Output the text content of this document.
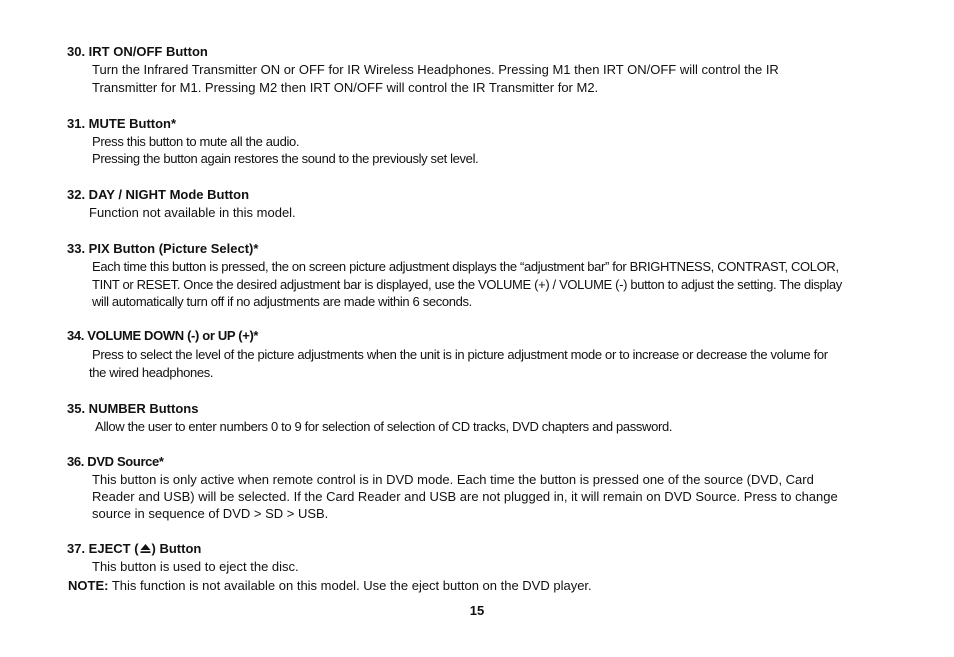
30. IRT ON/OFF Button
Turn the Infrared Transmitter ON or OFF for IR Wireless Headphones. Pressing M1 then IRT ON/OFF will control the IR
Transmitter for M1. Pressing M2 then IRT ON/OFF will control the IR Transmitter for M2.
31. MUTE Button*
Press this button to mute all the audio.
Pressing the button again restores the sound to the previously set level.
32. DAY / NIGHT Mode Button
Function not available in this model.
33. PIX Button (Picture Select)*
Each time this button is pressed, the on screen picture adjustment displays the “adjustment bar” for BRIGHTNESS, CONTRAST, COLOR,
TINT or RESET. Once the desired adjustment bar is displayed, use the VOLUME (+) / VOLUME (-) button to adjust the setting. The display
will automatically turn off if no adjustments are made within 6 seconds.
34. VOLUME DOWN (-) or UP (+)*
Press to select the level of the picture adjustments when the unit is in picture adjustment mode or to increase or decrease the volume for
the wired headphones.
35. NUMBER Buttons
Allow the user to enter numbers 0 to 9 for selection of selection of CD tracks, DVD chapters and password.
36. DVD Source*
This button is only active when remote control is in DVD mode. Each time the button is pressed one of the source (DVD, Card
Reader and USB) will be selected. If the Card Reader and USB are not plugged in, it will remain on DVD Source. Press to change
source in sequence of DVD > SD > USB.
37. EJECT ( ) Button
This button is used to eject the disc.
NOTE: This function is not available on this model. Use the eject button on the DVD player.
15
